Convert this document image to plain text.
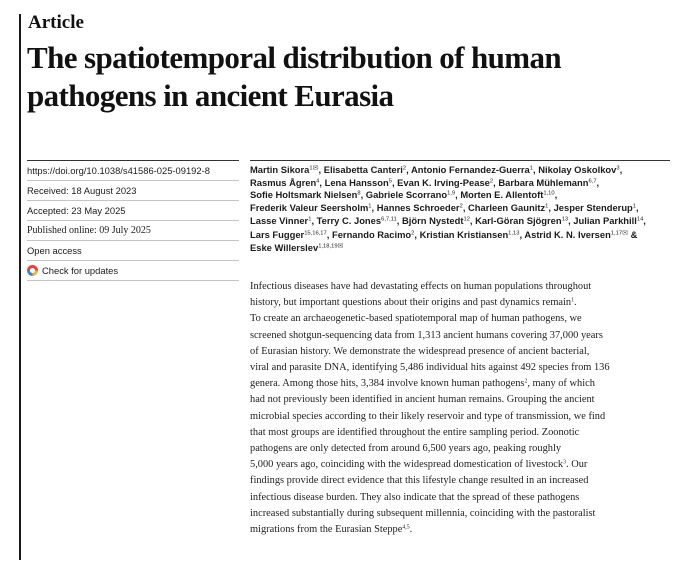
Article
The spatiotemporal distribution of human
pathogens in ancient Eurasia
https://doi.org/10.1038/s41586-025-09192-8
Received: 18 August 2023
Accepted: 23 May 2025
Published online: 09 July 2025
Open access
Check for updates
Martin Sikora$^{1✉}$, Elisabetta Canteri$^2$, Antonio Fernandez-Guerra$^1$, Nikolay Oskolkov$^3$,
Rasmus Ågren$^4$, Lena Hansson$^5$, Evan K. Irving-Pease$^2$, Barbara Mühlemann$^{6,7}$,
Sofie Holtsmark Nielsen$^8$, Gabriele Scorrano$^{1,9}$, Morten E. Allentoft$^{1,10}$,
Frederik Valeur Seersholm$^1$, Hannes Schroeder$^2$, Charleen Gaunitz$^1$, Jesper Stenderup$^1$,
Lasse Vinner$^1$, Terry C. Jones$^{6,7,11}$, Björn Nystedt$^{12}$, Karl-Göran Sjögren$^{13}$, Julian Parkhill$^{14}$,
Lars Fugger$^{15,16,17}$, Fernando Racimo$^2$, Kristian Kristiansen$^{1,13}$, Astrid K. N. Iversen$^{1,17✉}$ &
Eske Willerslev$^{1,18,19✉}$
Infectious diseases have had devastating effects on human populations throughout
history, but important questions about their origins and past dynamics remain$^1$.
To create an archaeogenetic-based spatiotemporal map of human pathogens, we
screened shotgun-sequencing data from 1,313 ancient humans covering 37,000 years
of Eurasian history. We demonstrate the widespread presence of ancient bacterial,
viral and parasite DNA, identifying 5,486 individual hits against 492 species from 136
genera. Among those hits, 3,384 involve known human pathogens$^2$, many of which
had not previously been identified in ancient human remains. Grouping the ancient
microbial species according to their likely reservoir and type of transmission, we find
that most groups are identified throughout the entire sampling period. Zoonotic
pathogens are only detected from around 6,500 years ago, peaking roughly
5,000 years ago, coinciding with the widespread domestication of livestock$^3$. Our
findings provide direct evidence that this lifestyle change resulted in an increased
infectious disease burden. They also indicate that the spread of these pathogens
increased substantially during subsequent millennia, coinciding with the pastoralist
migrations from the Eurasian Steppe$^{4,5}$.
